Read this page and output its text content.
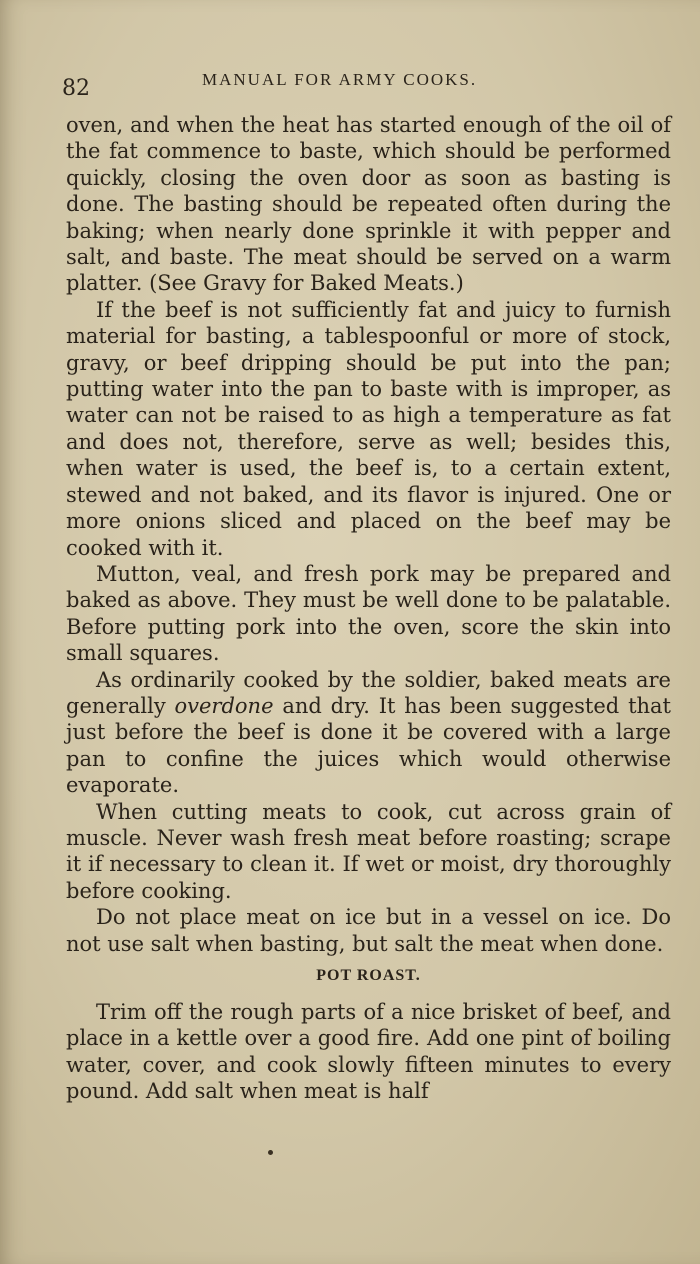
82	MANUAL FOR ARMY COOKS.

oven, and when the heat has started enough of the oil of the fat commence to baste, which should be performed quickly, closing the oven door as soon as basting is done. The basting should be repeated often during the baking; when nearly done sprinkle it with pepper and salt, and baste. The meat should be served on a warm platter. (See Gravy for Baked Meats.)

If the beef is not sufficiently fat and juicy to furnish material for basting, a tablespoonful or more of stock, gravy, or beef dripping should be put into the pan; putting water into the pan to baste with is improper, as water can not be raised to as high a temperature as fat and does not, therefore, serve as well; besides this, when water is used, the beef is, to a certain extent, stewed and not baked, and its flavor is injured. One or more onions sliced and placed on the beef may be cooked with it.

Mutton, veal, and fresh pork may be prepared and baked as above. They must be well done to be palatable. Before putting pork into the oven, score the skin into small squares.

As ordinarily cooked by the soldier, baked meats are generally overdone and dry. It has been suggested that just before the beef is done it be covered with a large pan to confine the juices which would otherwise evaporate.

When cutting meats to cook, cut across grain of muscle. Never wash fresh meat before roasting; scrape it if necessary to clean it. If wet or moist, dry thoroughly before cooking.

Do not place meat on ice but in a vessel on ice. Do not use salt when basting, but salt the meat when done.

POT ROAST.

Trim off the rough parts of a nice brisket of beef, and place in a kettle over a good fire. Add one pint of boiling water, cover, and cook slowly fifteen minutes to every pound. Add salt when meat is half
